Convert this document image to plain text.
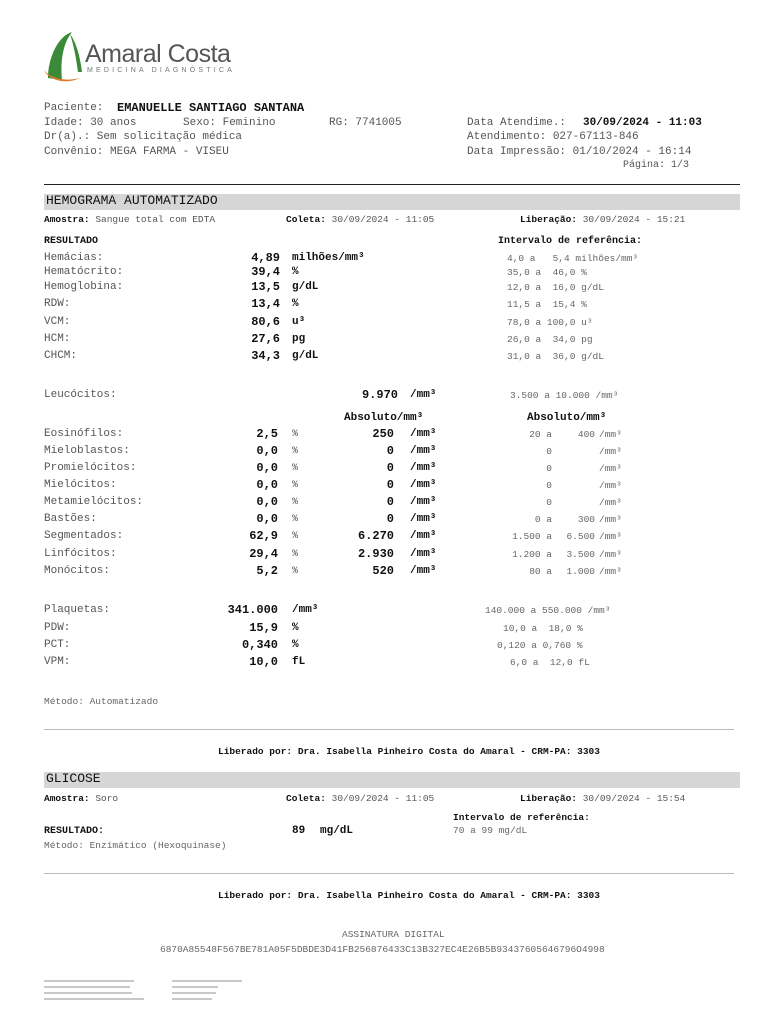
Amaral Costa
MEDICINA DIAGNÓSTICA
Paciente: EMANUELLE SANTIAGO SANTANA
Idade: 30 anos	Sexo: Feminino	RG: 7741005
Dr(a).: Sem solicitação médica
Convênio: MEGA FARMA - VISEU
Data Atendime.: 30/09/2024 - 11:03
Atendimento: 027-67113-846
Data Impressão: 01/10/2024 - 16:14
Página: 1/3
HEMOGRAMA AUTOMATIZADO
Amostra: Sangue total com EDTA	Coleta: 30/09/2024 - 11:05	Liberação: 30/09/2024 - 15:21
RESULTADO	Intervalo de referência:
Hemácias:	4,89 milhões/mm³	4,0 a   5,4 milhões/mm³
Hematócrito:	39,4 %	35,0 a  46,0 %
Hemoglobina:	13,5 g/dL	12,0 a  16,0 g/dL
RDW:	13,4 %	11,5 a  15,4 %
VCM:	80,6 u³	78,0 a 100,0 u³
HCM:	27,6 pg	26,0 a  34,0 pg
CHCM:	34,3 g/dL	31,0 a  36,0 g/dL
Leucócitos:	9.970 /mm³	3.500 a 10.000 /mm³
Absoluto/mm³	Absoluto/mm³
Eosinófilos:	2,5 %	250 /mm³	20 a	400 /mm³
Mieloblastos:	0,0 %	0 /mm³	0	/mm³
Promielócitos:	0,0 %	0 /mm³	0	/mm³
Mielócitos:	0,0 %	0 /mm³	0	/mm³
Metamielócitos:	0,0 %	0 /mm³	0	/mm³
Bastões:	0,0 %	0 /mm³	0 a	300 /mm³
Segmentados:	62,9 %	6.270 /mm³	1.500 a	6.500 /mm³
Linfócitos:	29,4 %	2.930 /mm³	1.200 a	3.500 /mm³
Monócitos:	5,2 %	520 /mm³	80 a	1.000 /mm³
Plaquetas:	341.000 /mm³	140.000 a 550.000 /mm³
PDW:	15,9 %	10,0 a  18,0 %
PCT:	0,340 %	0,120 a 0,760 %
VPM:	10,0 fL	6,0 a  12,0 fL
Método: Automatizado
Liberado por: Dra. Isabella Pinheiro Costa do Amaral - CRM-PA: 3303
GLICOSE
Amostra: Soro	Coleta: 30/09/2024 - 11:05	Liberação: 30/09/2024 - 15:54
Intervalo de referência:
70 a 99 mg/dL
RESULTADO:	89 mg/dL
Método: Enzimático (Hexoquinase)
Liberado por: Dra. Isabella Pinheiro Costa do Amaral - CRM-PA: 3303
ASSINATURA DIGITAL
6870A85548F567BE781A05F5DBDE3D41FB256876433C13B327EC4E26B5B93437605646796O4998
